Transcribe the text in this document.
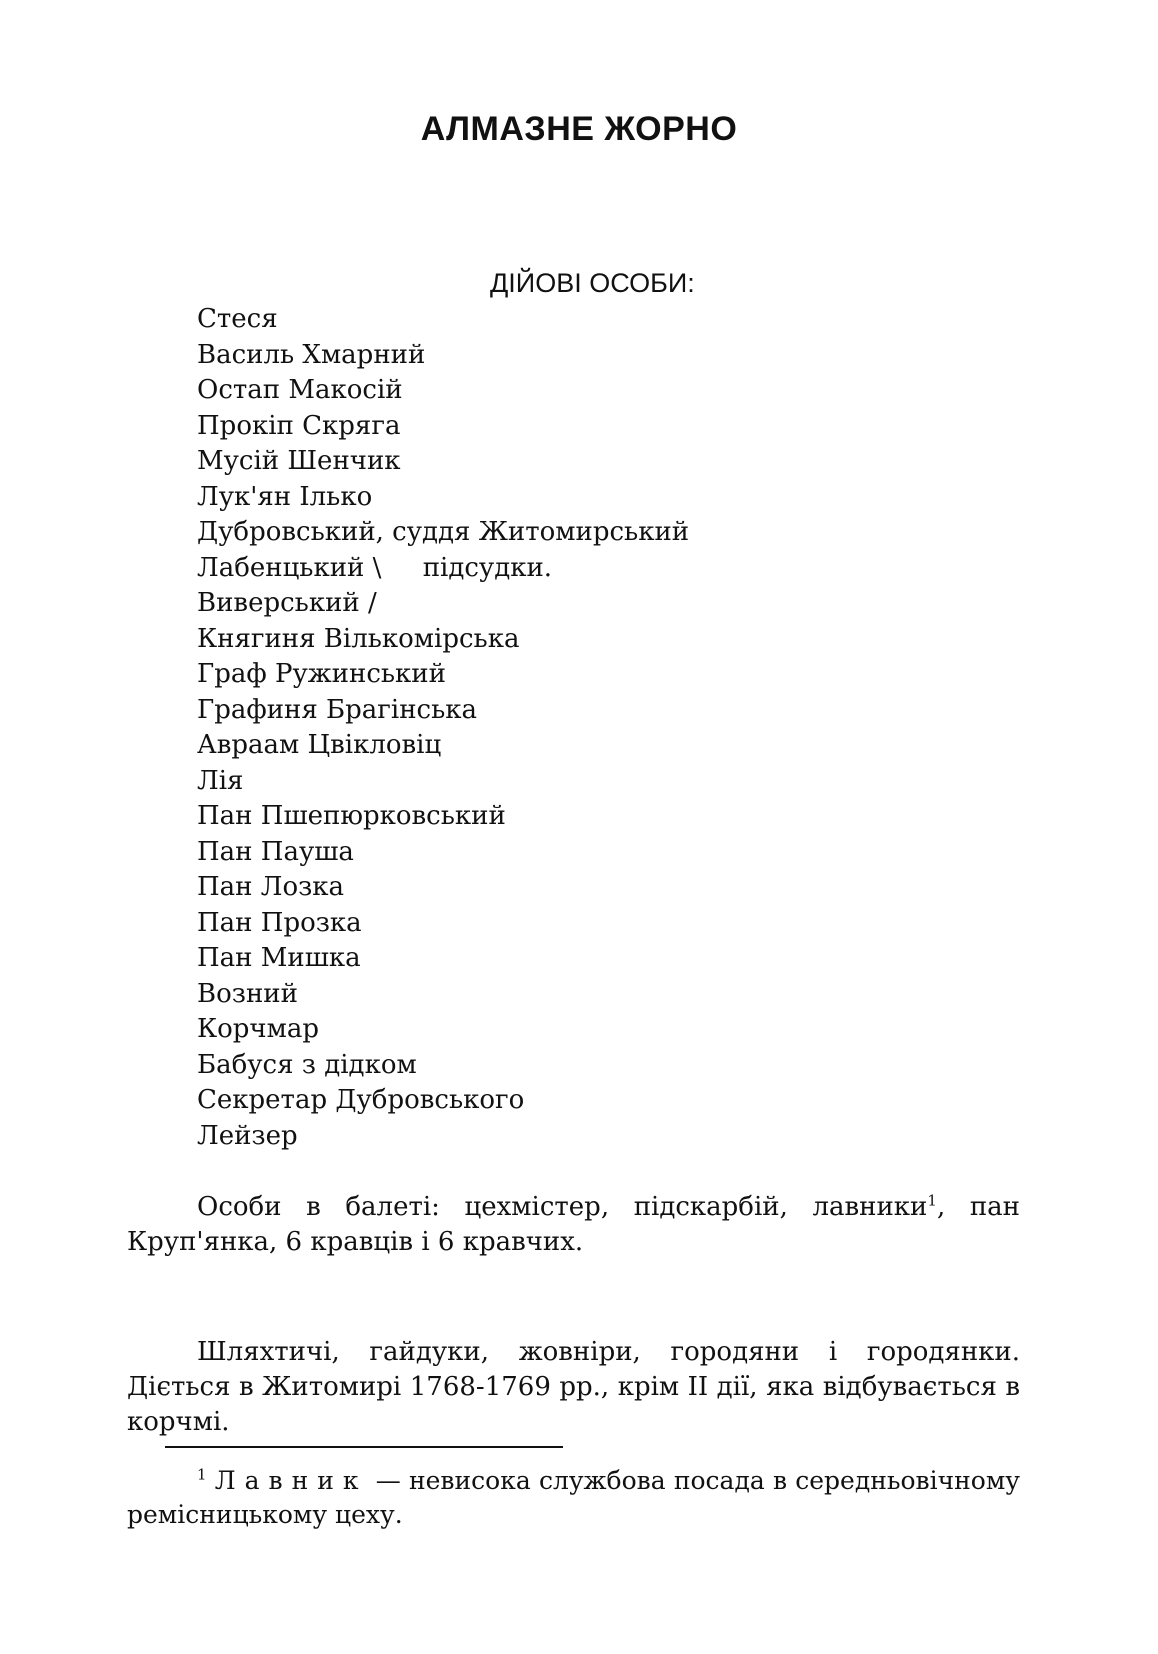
АЛМАЗНЕ ЖОРНО
ДІЙОВІ ОСОБИ:
Стеся
Василь Хмарний
Остап Макосій
Прокіп Скряга
Мусій Шенчик
Лук'ян Ілько
Дубровський, суддя Житомирський
Лабенцький \     підсудки.
Виверський /
Княгиня Вількомірська
Граф Ружинський
Графиня Брагінська
Авраам Цвікловіц
Лія
Пан Пшепюрковський
Пан Пауша
Пан Лозка
Пан Прозка
Пан Мишка
Возний
Корчмар
Бабуся з дідком
Секретар Дубровського
Лейзер

Особи в балеті: цехмістер, підскарбій, лавники$^1$, пан Круп'янка, 6 кравців і 6 кравчих.

Шляхтичі, гайдуки, жовніри, городяни і городянки. Діється в Житомирі 1768-1769 рр., крім II дії, яка відбувається в корчмі.

$^1$ Лавник — невисока службова посада в середньовічному ремісницькому цеху.
